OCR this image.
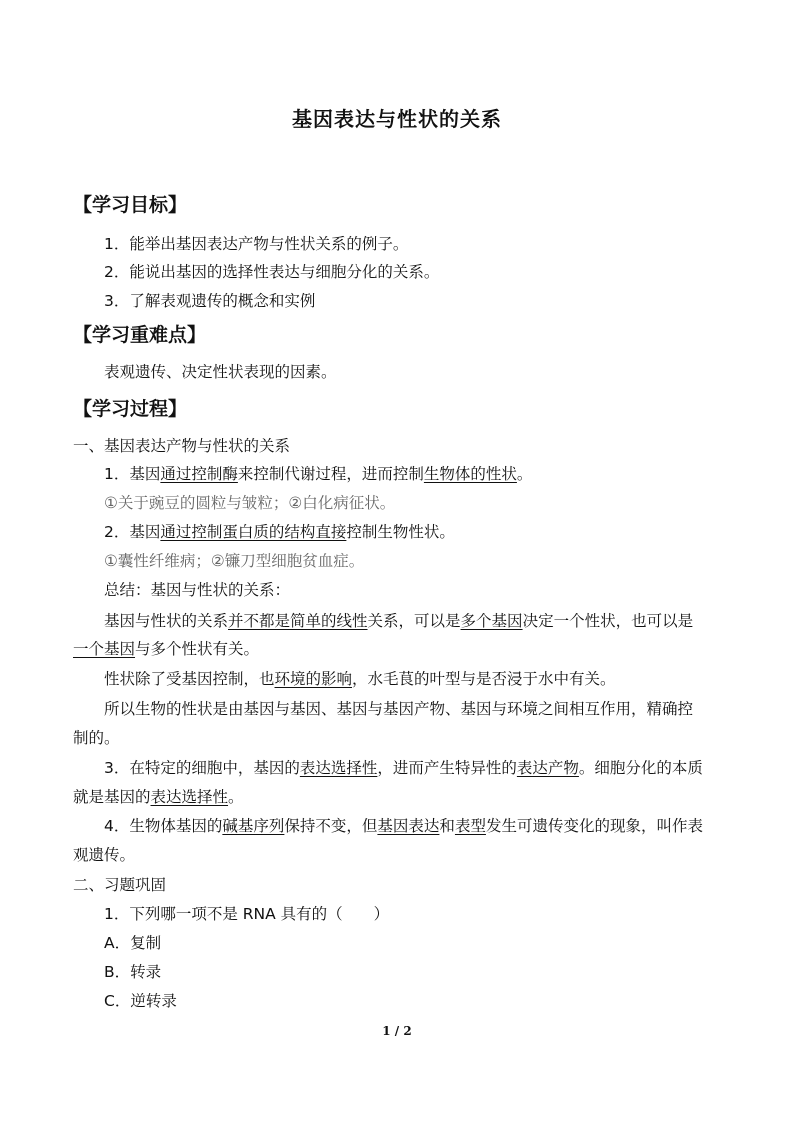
基因表达与性状的关系
【学习目标】
1．能举出基因表达产物与性状关系的例子。
2．能说出基因的选择性表达与细胞分化的关系。
3．了解表观遗传的概念和实例
【学习重难点】
表观遗传、决定性状表现的因素。
【学习过程】
一、基因表达产物与性状的关系
1．基因通过控制酶来控制代谢过程，进而控制生物体的性状。
①关于豌豆的圆粒与皱粒；②白化病征状。
2．基因通过控制蛋白质的结构直接控制生物性状。
①囊性纤维病；②镰刀型细胞贫血症。
总结：基因与性状的关系：
基因与性状的关系并不都是简单的线性关系，可以是多个基因决定一个性状，也可以是
一个基因与多个性状有关。
性状除了受基因控制，也环境的影响，水毛茛的叶型与是否浸于水中有关。
所以生物的性状是由基因与基因、基因与基因产物、基因与环境之间相互作用，精确控
制的。
3．在特定的细胞中，基因的表达选择性，进而产生特异性的表达产物。细胞分化的本质
就是基因的表达选择性。
4．生物体基因的碱基序列保持不变，但基因表达和表型发生可遗传变化的现象，叫作表
观遗传。
二、习题巩固
1．下列哪一项不是 RNA 具有的（　　）
A．复制
B．转录
C．逆转录
1 / 2
